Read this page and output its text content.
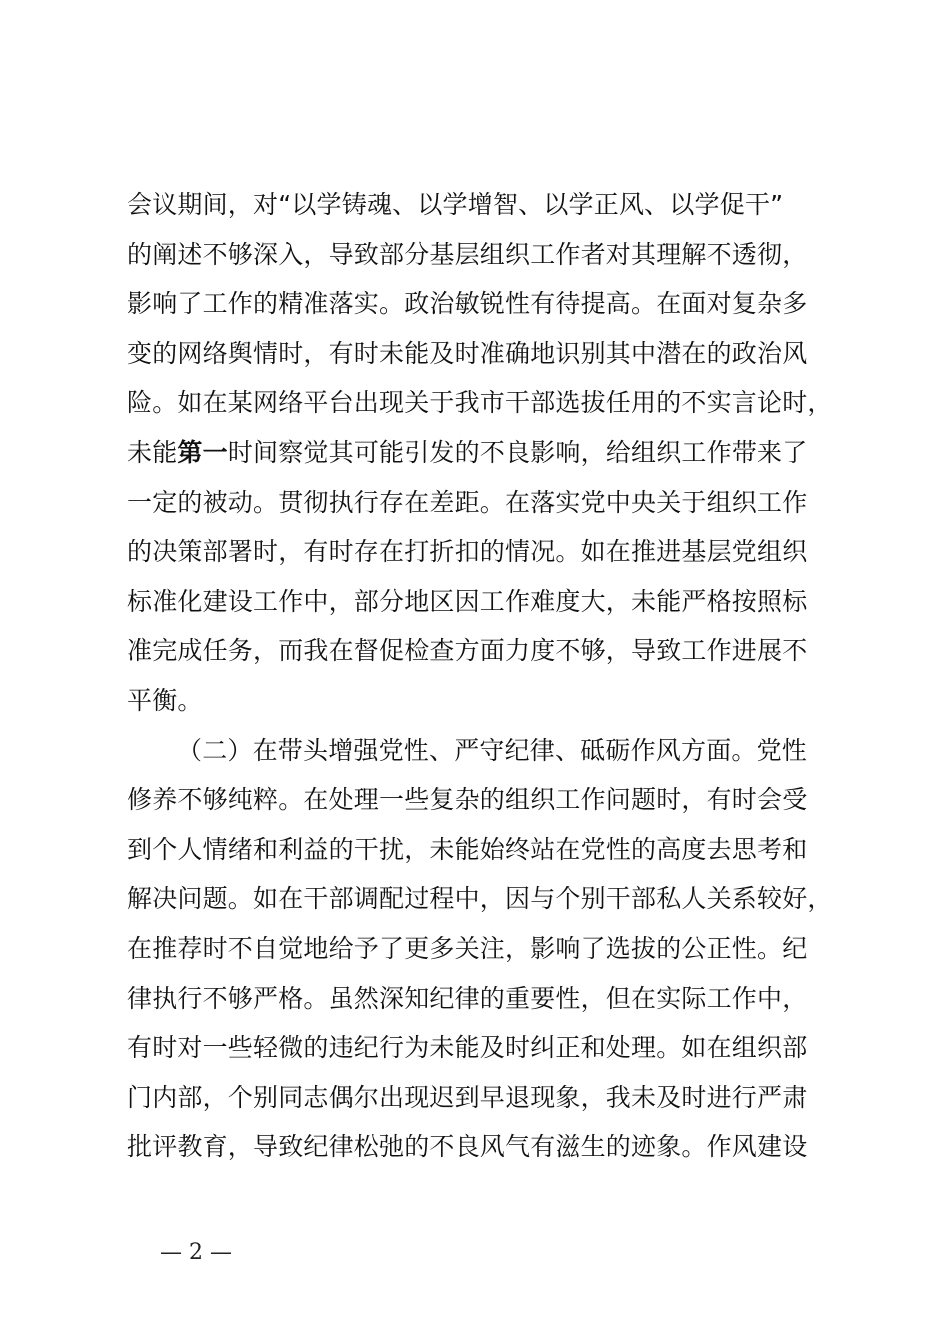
会议期间，对“以学铸魂、以学增智、以学正风、以学促干”
的阐述不够深入，导致部分基层组织工作者对其理解不透彻，
影响了工作的精准落实。政治敏锐性有待提高。在面对复杂多
变的网络舆情时，有时未能及时准确地识别其中潜在的政治风
险。如在某网络平台出现关于我市干部选拔任用的不实言论时，
未能第一时间察觉其可能引发的不良影响，给组织工作带来了
一定的被动。贯彻执行存在差距。在落实党中央关于组织工作
的决策部署时，有时存在打折扣的情况。如在推进基层党组织
标准化建设工作中，部分地区因工作难度大，未能严格按照标
准完成任务，而我在督促检查方面力度不够，导致工作进展不
平衡。
（二）在带头增强党性、严守纪律、砥砺作风方面。党性
修养不够纯粹。在处理一些复杂的组织工作问题时，有时会受
到个人情绪和利益的干扰，未能始终站在党性的高度去思考和
解决问题。如在干部调配过程中，因与个别干部私人关系较好，
在推荐时不自觉地给予了更多关注，影响了选拔的公正性。纪
律执行不够严格。虽然深知纪律的重要性，但在实际工作中，
有时对一些轻微的违纪行为未能及时纠正和处理。如在组织部
门内部，个别同志偶尔出现迟到早退现象，我未及时进行严肃
批评教育，导致纪律松弛的不良风气有滋生的迹象。作风建设
— 2 —
